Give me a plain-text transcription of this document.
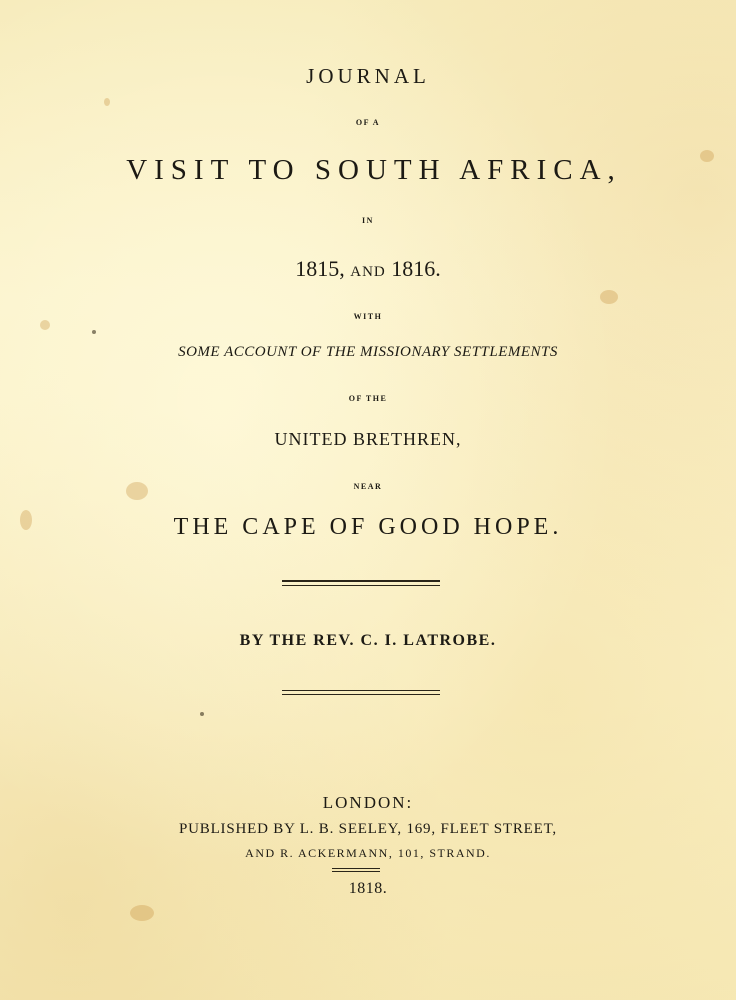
JOURNAL
OF A
VISIT TO SOUTH AFRICA,
IN
1815, AND 1816.
WITH
SOME ACCOUNT OF THE MISSIONARY SETTLEMENTS
OF THE
UNITED BRETHREN,
NEAR
THE CAPE OF GOOD HOPE.
BY THE REV. C. I. LATROBE.
LONDON:
PUBLISHED BY L. B. SEELEY, 169, FLEET STREET,
AND R. ACKERMANN, 101, STRAND.
1818.
